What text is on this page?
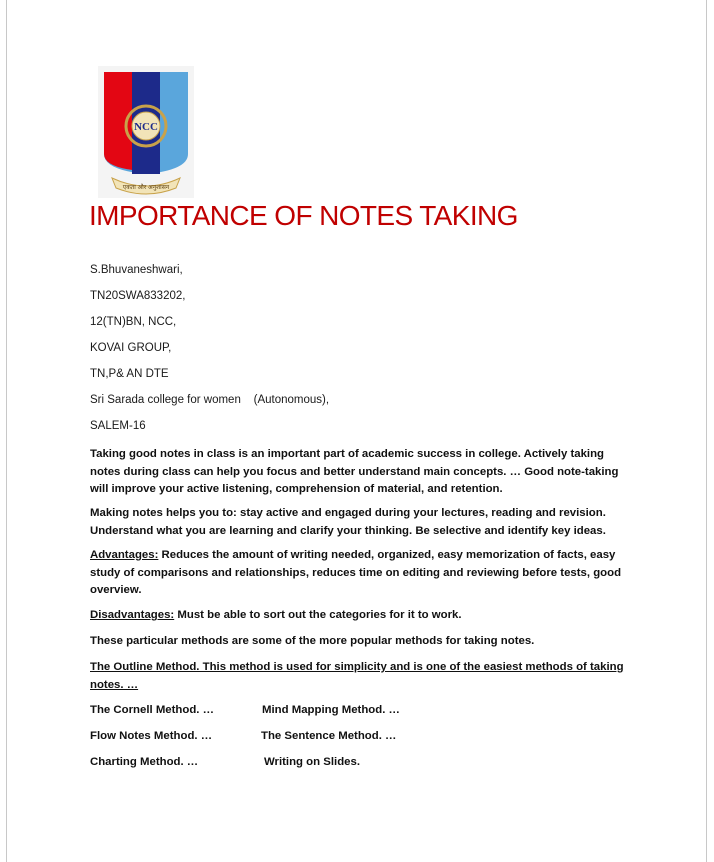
NCC
एकता और अनुशासन
IMPORTANCE OF NOTES TAKING
S.Bhuvaneshwari,
TN20SWA833202,
12(TN)BN, NCC,
KOVAI GROUP,
TN,P& AN DTE
Sri Sarada college for women    (Autonomous),
SALEM-16
Taking good notes in class is an important part of academic success in college. Actively taking notes during class can help you focus and better understand main concepts. … Good note-taking will improve your active listening, comprehension of material, and retention.
Making notes helps you to: stay active and engaged during your lectures, reading and revision. Understand what you are learning and clarify your thinking. Be selective and identify key ideas.
Advantages: Reduces the amount of writing needed, organized, easy memorization of facts, easy study of comparisons and relationships, reduces time on editing and reviewing before tests, good overview.
Disadvantages: Must be able to sort out the categories for it to work.
These particular methods are some of the more popular methods for taking notes.
The Outline Method. This method is used for simplicity and is one of the easiest methods of taking notes. …
The Cornell Method. …	Mind Mapping Method. …
Flow Notes Method. …	The Sentence Method. …
Charting Method. …	Writing on Slides.
